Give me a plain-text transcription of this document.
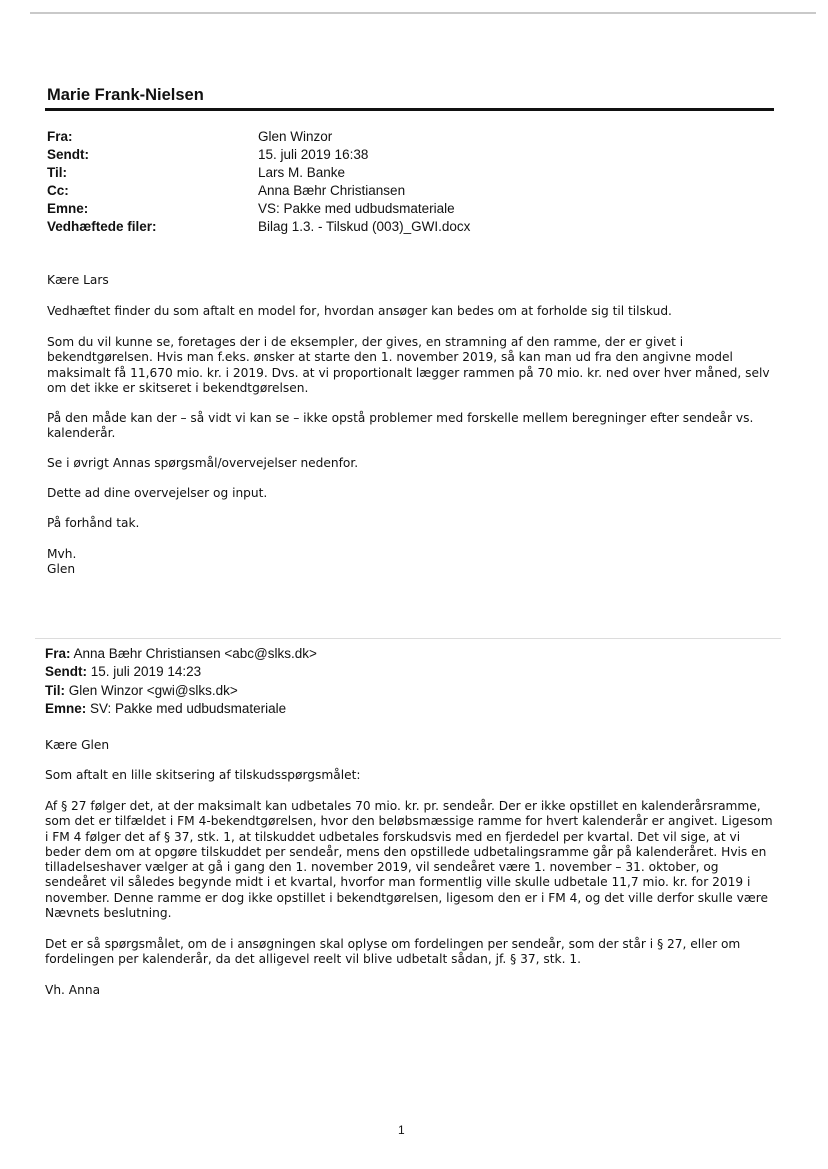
Marie Frank-Nielsen
Fra:	Glen Winzor
Sendt:	15. juli 2019 16:38
Til:	Lars M. Banke
Cc:	Anna Bæhr Christiansen
Emne:	VS: Pakke med udbudsmateriale
Vedhæftede filer:	Bilag 1.3. - Tilskud (003)_GWI.docx
Kære Lars
Vedhæftet finder du som aftalt en model for, hvordan ansøger kan bedes om at forholde sig til tilskud.
Som du vil kunne se, foretages der i de eksempler, der gives, en stramning af den ramme, der er givet i bekendtgørelsen. Hvis man f.eks. ønsker at starte den 1. november 2019, så kan man ud fra den angivne model maksimalt få 11,670 mio. kr. i 2019. Dvs. at vi proportionalt lægger rammen på 70 mio. kr. ned over hver måned, selv om det ikke er skitseret i bekendtgørelsen.
På den måde kan der – så vidt vi kan se – ikke opstå problemer med forskelle mellem beregninger efter sendeår vs. kalenderår.
Se i øvrigt Annas spørgsmål/overvejelser nedenfor.
Dette ad dine overvejelser og input.
På forhånd tak.
Mvh.
Glen
Fra: Anna Bæhr Christiansen <abc@slks.dk>
Sendt: 15. juli 2019 14:23
Til: Glen Winzor <gwi@slks.dk>
Emne: SV: Pakke med udbudsmateriale
Kære Glen
Som aftalt en lille skitsering af tilskudsspørgsmålet:
Af § 27 følger det, at der maksimalt kan udbetales 70 mio. kr. pr. sendeår. Der er ikke opstillet en kalenderårsramme, som det er tilfældet i FM 4-bekendtgørelsen, hvor den beløbsmæssige ramme for hvert kalenderår er angivet. Ligesom i FM 4 følger det af § 37, stk. 1, at tilskuddet udbetales forskudsvis med en fjerdedel per kvartal. Det vil sige, at vi beder dem om at opgøre tilskuddet per sendeår, mens den opstillede udbetalingsramme går på kalenderåret. Hvis en tilladelseshaver vælger at gå i gang den 1. november 2019, vil sendeåret være 1. november – 31. oktober, og sendeåret vil således begynde midt i et kvartal, hvorfor man formentlig ville skulle udbetale 11,7 mio. kr. for 2019 i november. Denne ramme er dog ikke opstillet i bekendtgørelsen, ligesom den er i FM 4, og det ville derfor skulle være Nævnets beslutning.
Det er så spørgsmålet, om de i ansøgningen skal oplyse om fordelingen per sendeår, som der står i § 27, eller om fordelingen per kalenderår, da det alligevel reelt vil blive udbetalt sådan, jf. § 37, stk. 1.
Vh. Anna
1
